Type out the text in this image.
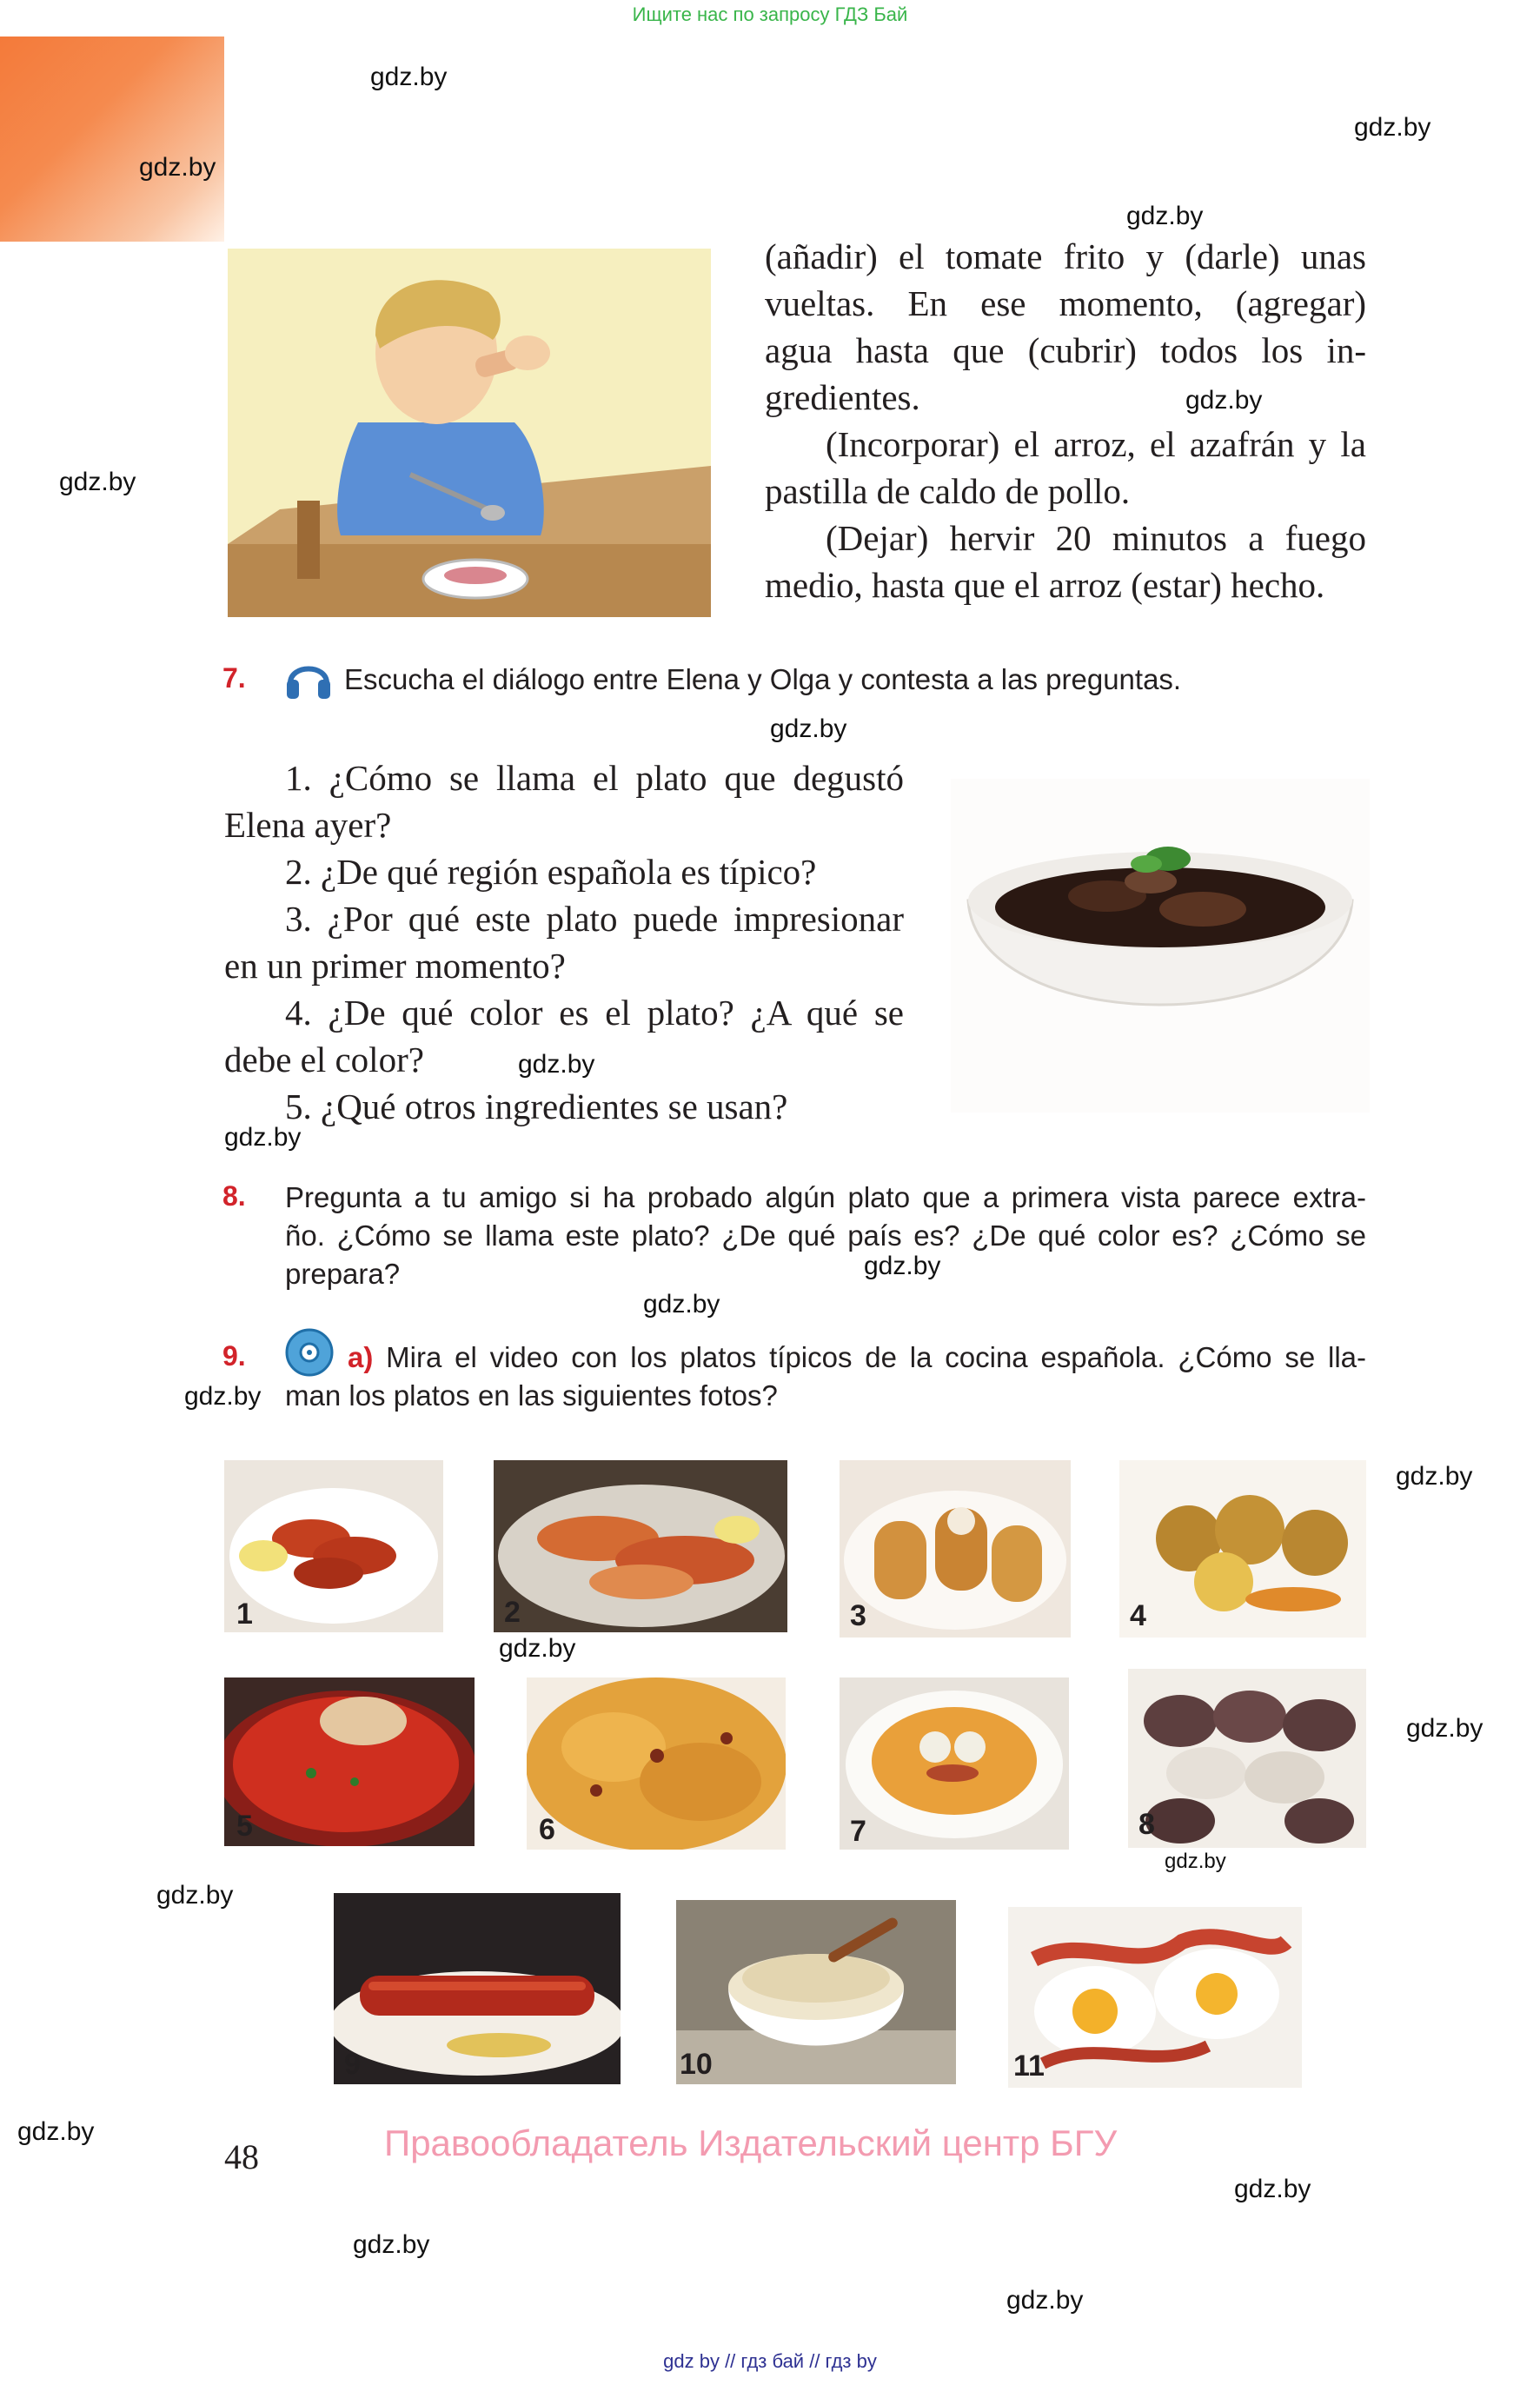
Ищите нас по запросу ГДЗ Бай
gdz.by
gdz.by
gdz.by
gdz.by
gdz.by
gdz.by
gdz.by
gdz.by
gdz.by
gdz.by
gdz.by
gdz.by
gdz.by
gdz.by
gdz.by
gdz.by
gdz.by
gdz.by
gdz.by
gdz.by
gdz.by
(añadir) el tomate frito y (darle) unas
vueltas. En ese momento, (agregar)
agua hasta que (cubrir) todos los in-
gredientes.
(Incorporar) el arroz, el azafrán y la
pastilla de caldo de pollo.
(Dejar) hervir 20 minutos a fuego
medio, hasta que el arroz (estar) hecho.
7.	Escucha el diálogo entre Elena y Olga y contesta a las preguntas.
1. ¿Cómo se llama el plato que degustó
Elena ayer?
2. ¿De qué región española es típico?
3. ¿Por qué este plato puede impresionar
en un primer momento?
4. ¿De qué color es el plato? ¿A qué se
debe el color?
5. ¿Qué otros ingredientes se usan?
8. Pregunta a tu amigo si ha probado algún plato que a primera vista parece extra-
ño. ¿Cómo se llama este plato? ¿De qué país es? ¿De qué color es? ¿Cómo se
prepara?
9.	a) Mira el video con los platos típicos de la cocina española. ¿Cómo se lla-
man los platos en las siguientes fotos?
1	2	3	4
5	6	7	8
9	10	11
48	Правообладатель Издательский центр БГУ
gdz by // гдз бай // гдз by
